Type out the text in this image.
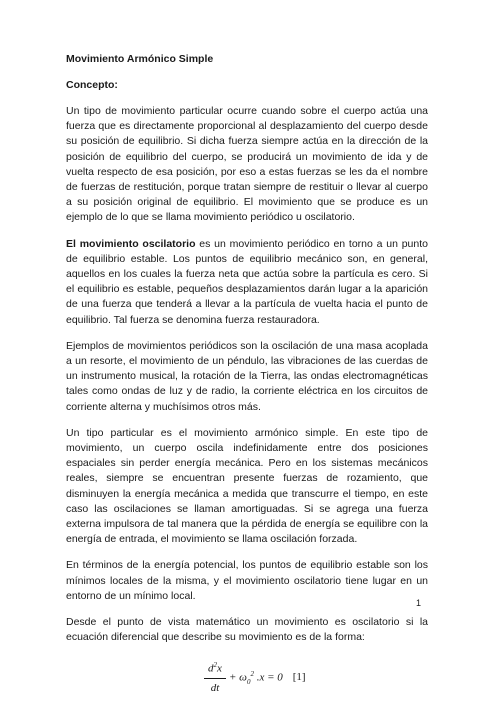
Movimiento Armónico Simple
Concepto:

Un tipo de movimiento particular ocurre cuando sobre el cuerpo actúa una fuerza que es directamente proporcional al desplazamiento del cuerpo desde su posición de equilibrio. Si dicha fuerza siempre actúa en la dirección de la posición de equilibrio del cuerpo, se producirá un movimiento de ida y de vuelta respecto de esa posición, por eso a estas fuerzas se les da el nombre de fuerzas de restitución, porque tratan siempre de restituir o llevar al cuerpo a su posición original de equilibrio. El movimiento que se produce es un ejemplo de lo que se llama movimiento periódico u oscilatorio.

El movimiento oscilatorio es un movimiento periódico en torno a un punto de equilibrio estable. Los puntos de equilibrio mecánico son, en general, aquellos en los cuales la fuerza neta que actúa sobre la partícula es cero. Si el equilibrio es estable, pequeños desplazamientos darán lugar a la aparición de una fuerza que tenderá a llevar a la partícula de vuelta hacia el punto de equilibrio. Tal fuerza se denomina fuerza restauradora.

Ejemplos de movimientos periódicos son la oscilación de una masa acoplada a un resorte, el movimiento de un péndulo, las vibraciones de las cuerdas de un instrumento musical, la rotación de la Tierra, las ondas electromagnéticas tales como ondas de luz y de radio, la corriente eléctrica en los circuitos de corriente alterna y muchísimos otros más.

Un tipo particular es el movimiento armónico simple. En este tipo de movimiento, un cuerpo oscila indefinidamente entre dos posiciones espaciales sin perder energía mecánica. Pero en los sistemas mecánicos reales, siempre se encuentran presente fuerzas de rozamiento, que disminuyen la energía mecánica a medida que transcurre el tiempo, en este caso las oscilaciones se llaman amortiguadas. Si se agrega una fuerza externa impulsora de tal manera que la pérdida de energía se equilibre con la energía de entrada, el movimiento se llama oscilación forzada.

En términos de la energía potencial, los puntos de equilibrio estable son los mínimos locales de la misma, y el movimiento oscilatorio tiene lugar en un entorno de un mínimo local.

Desde el punto de vista matemático un movimiento es oscilatorio si la ecuación diferencial que describe su movimiento es de la forma:

$d^2x$
dt
+ $\omega_0^2$ .x = 0 [1]
1
